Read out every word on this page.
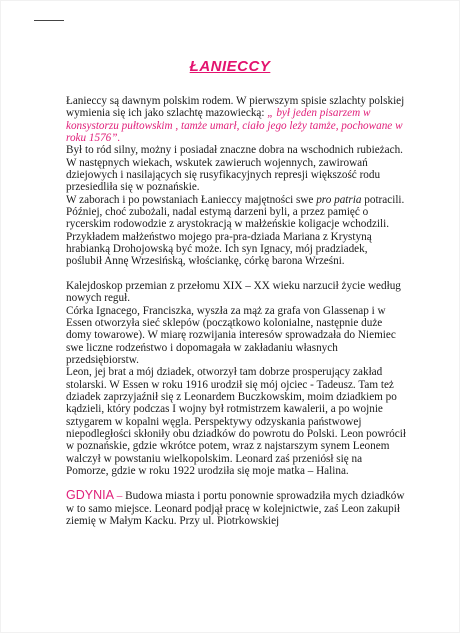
ŁANIECCY

Łanieccy są dawnym polskim rodem. W pierwszym spisie szlachty polskiej wymienia się ich jako szlachtę mazowiecką: „ był jeden pisarzem w konsystorzu pułtowskim , tamże umarł, ciało jego leży tamże, pochowane w roku 1576”.
Był to ród silny, możny i posiadał znaczne dobra na wschodnich rubieżach. W następnych wiekach, wskutek zawieruch wojennych, zawirowań dziejowych i nasilających się rusyfikacyjnych represji większość rodu przesiedliła się w poznańskie.

W zaborach i po powstaniach Łanieccy majętności swe pro patria potracili. Później, choć zubożali, nadal estymą darzeni byli, a przez pamięć o rycerskim rodowodzie z arystokracją w małżeńskie koligacje wchodzili. Przykładem małżeństwo mojego pra-pra-dziada Mariana z Krystyną hrabianką Drohojowską być może. Ich syn Ignacy, mój pradziadek, poślubił Annę Wrzesińską, włościankę, córkę barona Wrześni.

Kalejdoskop przemian z przełomu XIX – XX wieku narzucił życie według nowych reguł.

Córka Ignacego, Franciszka, wyszła za mąż za grafa von Glassenap i w Essen otworzyła sieć sklepów (początkowo kolonialne, następnie duże domy towarowe). W miarę rozwijania interesów sprowadzała do Niemiec swe liczne rodzeństwo i dopomagała w zakładaniu własnych przedsiębiorstw.

Leon, jej brat a mój dziadek, otworzył tam dobrze prosperujący zakład stolarski. W Essen w roku 1916 urodził się mój ojciec - Tadeusz. Tam też dziadek zaprzyjaźnił się z Leonardem Buczkowskim, moim dziadkiem po kądzieli, który podczas I wojny był rotmistrzem kawalerii, a po wojnie sztygarem w kopalni węgla. Perspektywy odzyskania państwowej niepodległości skłoniły obu dziadków do powrotu do Polski. Leon powrócił w poznańskie, gdzie wkrótce potem, wraz z najstarszym synem Leonem walczył w powstaniu wielkopolskim. Leonard zaś przeniósł się na Pomorze, gdzie w roku 1922 urodziła się moje matka – Halina.

GDYNIA – Budowa miasta i portu ponownie sprowadziła mych dziadków w to samo miejsce. Leonard podjął pracę w kolejnictwie, zaś Leon zakupił ziemię w Małym Kacku. Przy ul. Piotrkowskiej
